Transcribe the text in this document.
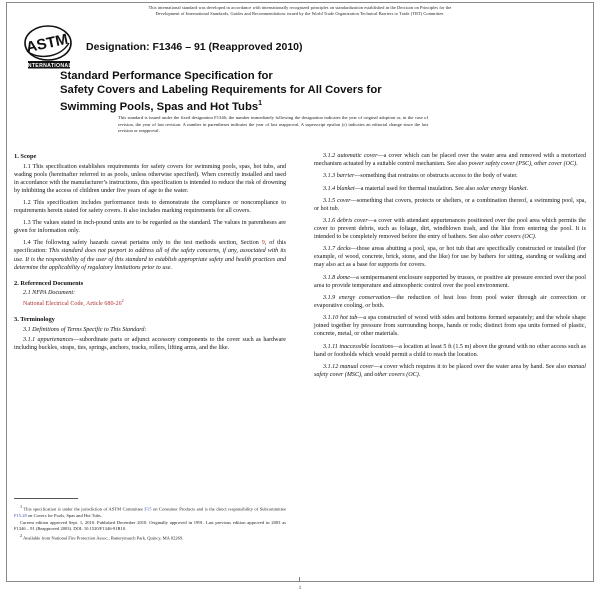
This international standard was developed in accordance with internationally recognized principles on standardization established in the Decision on Principles for the
Development of International Standards, Guides and Recommendations issued by the World Trade Organization Technical Barriers to Trade (TBT) Committee.
ASTM
INTERNATIONAL
Designation: F1346 – 91 (Reapproved 2010)
Standard Performance Specification for
Safety Covers and Labeling Requirements for All Covers for
Swimming Pools, Spas and Hot Tubs$^1$
This standard is issued under the fixed designation F1346; the number immediately following the designation indicates the year of original adoption or, in the case of revision, the year of last revision. A number in parentheses indicates the year of last reapproval. A superscript epsilon (ε) indicates an editorial change since the last revision or reapproval.
1. Scope

1.1 This specification establishes requirements for safety covers for swimming pools, spas, hot tubs, and wading pools (hereinafter referred to as pools, unless otherwise specified). When correctly installed and used in accordance with the manufacturer’s instructions, this specification is intended to reduce the risk of drowning by inhibiting the access of children under five years of age to the water.

1.2 This specification includes performance tests to demonstrate the compliance or noncompliance to requirements herein stated for safety covers. It also includes marking requirements for all covers.

1.3 The values stated in inch-pound units are to be regarded as the standard. The values in parentheses are given for information only.

1.4 The following safety hazards caveat pertains only to the test methods section, Section 9, of this specification: This standard does not purport to address all of the safety concerns, if any, associated with its use. It is the responsibility of the user of this standard to establish appropriate safety and health practices and determine the applicability of regulatory limitations prior to use.

2. Referenced Documents

2.1 NFPA Document:

National Electrical Code, Article $680-26^2$

3. Terminology

3.1 Definitions of Terms Specific to This Standard:

3.1.1 appurtenances—subordinate parts or adjunct accessory components to the cover such as hardware including buckles, straps, ties, springs, anchors, tracks, rollers, lifting arms, and the like.

3.1.2 automatic cover—a cover which can be placed over the water area and removed with a motorized mechanism actuated by a suitable control mechanism. See also power safety cover (PSC), other cover (OC).

3.1.3 barrier—something that restrains or obstructs access to the body of water.

3.1.4 blanket—a material used for thermal insulation. See also solar energy blanket.

3.1.5 cover—something that covers, protects or shelters, or a combination thereof, a swimming pool, spa, or hot tub.

3.1.6 debris cover—a cover with attendant appurtenances positioned over the pool area which permits the cover to prevent debris, such as foliage, dirt, windblown trash, and the like from entering the pool. It is intended to be completely removed before the entry of bathers. See also other covers (OC).

3.1.7 decks—those areas abutting a pool, spa, or hot tub that are specifically constructed or installed (for example, of wood, concrete, brick, stone, and the like) for use by bathers for sitting, standing or walking and may also act as a base for supports for covers.

3.1.8 dome—a semipermanent enclosure supported by trusses, or positive air pressure erected over the pool area to provide temperature and atmospheric control over the pool environment.

3.1.9 energy conservation—the reduction of heat loss from pool water through air convection or evaporative cooling, or both.

3.1.10 hot tub—a spa constructed of wood with sides and bottoms formed separately; and the whole shape joined together by pressure from surrounding hoops, hands or rods; distinct from spa units formed of plastic, concrete, metal, or other materials.

3.1.11 inaccessible locations—a location at least 5 ft (1.5 m) above the ground with no other access such as hand or footholds which would permit a child to reach the location.

3.1.12 manual cover—a cover which requires it to be placed over the water area by hand. See also manual safety cover (MSC), and other covers (OC).

1 This specification is under the jurisdiction of ASTM Committee F15 on Consumer Products and is the direct responsibility of Subcommittee F15.28 on Covers for Pools, Spas and Hot Tubs.

Current edition approved Sept. 1, 2010. Published December 2010. Originally approved in 1991. Last previous edition approved in 2003 as F1346 – 91 (Reapproved 2003). DOI: 10.1520/F1346-91R10.

2 Available from National Fire Protection Assoc., Batterymarch Park, Quincy, MA 02269.

1
